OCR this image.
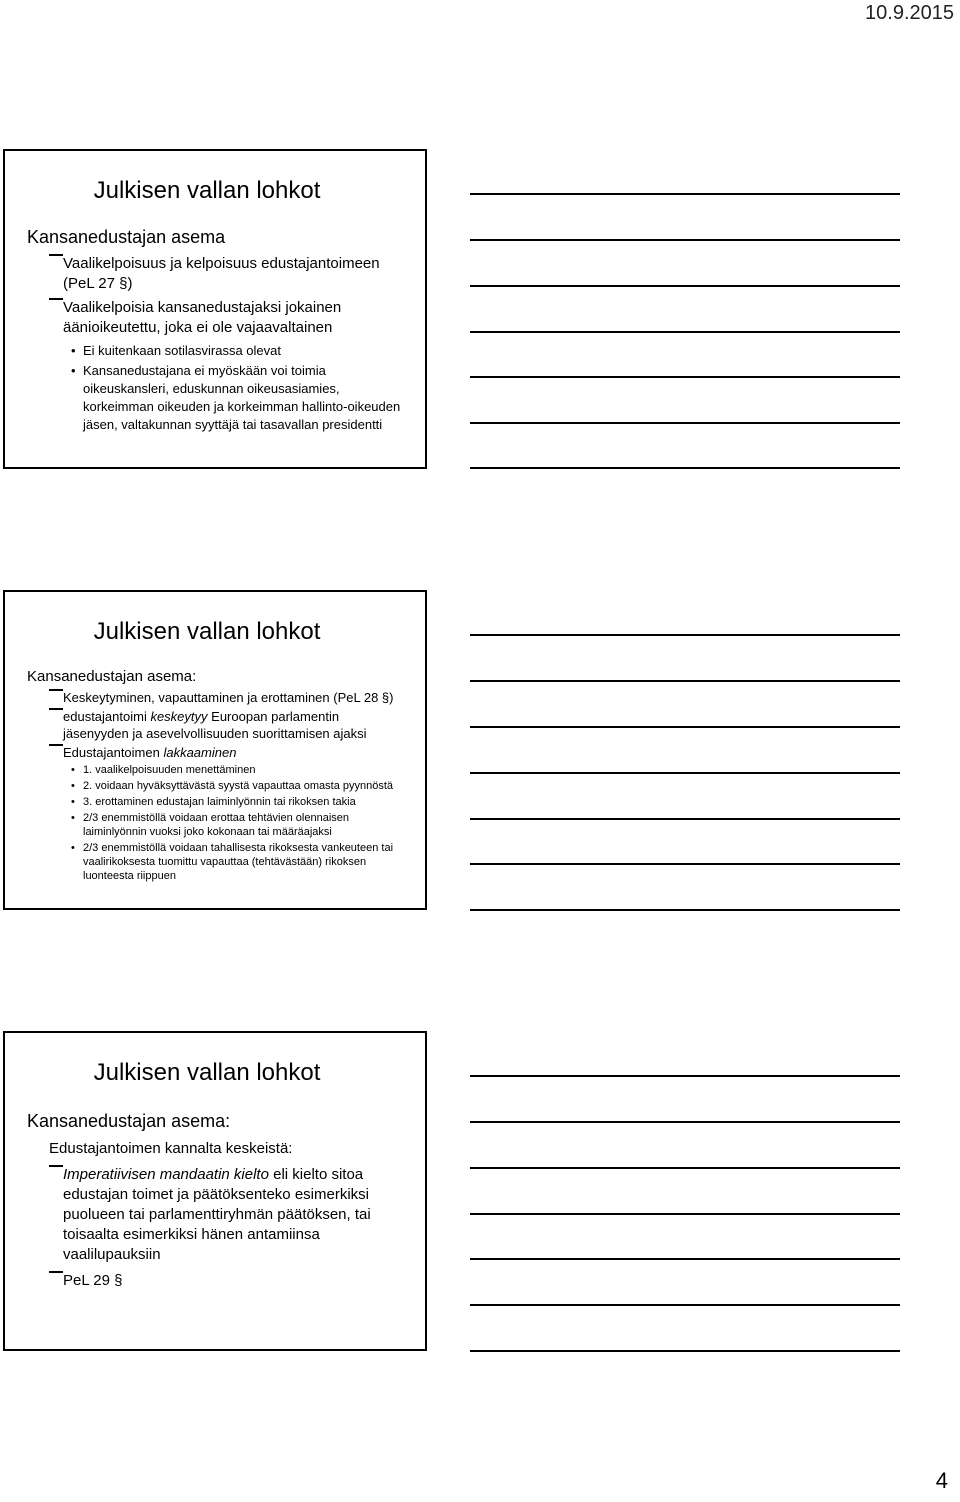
10.9.2015
Julkisen vallan lohkot
Kansanedustajan asema
Vaalikelpoisuus ja kelpoisuus edustajantoimeen (PeL 27 §)
Vaalikelpoisia kansanedustajaksi jokainen äänioikeutettu, joka ei ole vajaavaltainen
• Ei kuitenkaan sotilasvirassa olevat
• Kansanedustajana ei myöskään voi toimia oikeuskansleri, eduskunnan oikeusasiamies, korkeimman oikeuden ja korkeimman hallinto-oikeuden jäsen, valtakunnan syyttäjä tai tasavallan presidentti
Julkisen vallan lohkot
Kansanedustajan asema:
Keskeytyminen, vapauttaminen ja erottaminen (PeL 28 §)
edustajantoimi keskeytyy Euroopan parlamentin jäsenyyden ja asevelvollisuuden suorittamisen ajaksi
Edustajantoimen lakkaaminen
• 1. vaalikelpoisuuden menettäminen
• 2. voidaan hyväksyttävästä syystä vapauttaa omasta pyynnöstä
• 3. erottaminen edustajan laiminlyönnin tai rikoksen takia
• 2/3 enemmistöllä voidaan erottaa tehtävien olennaisen laiminlyönnin vuoksi joko kokonaan tai määräajaksi
• 2/3 enemmistöllä voidaan tahallisesta rikoksesta vankeuteen tai vaalirikoksesta tuomittu vapauttaa (tehtävästään) rikoksen luonteesta riippuen
Julkisen vallan lohkot
Kansanedustajan asema:
Edustajantoimen kannalta keskeistä:
Imperatiivisen mandaatin kielto eli kielto sitoa edustajan toimet ja päätöksenteko esimerkiksi puolueen tai parlamenttiryhmän päätöksen, tai toisaalta esimerkiksi hänen antamiinsa vaalilupauksiin
PeL 29 §
4
